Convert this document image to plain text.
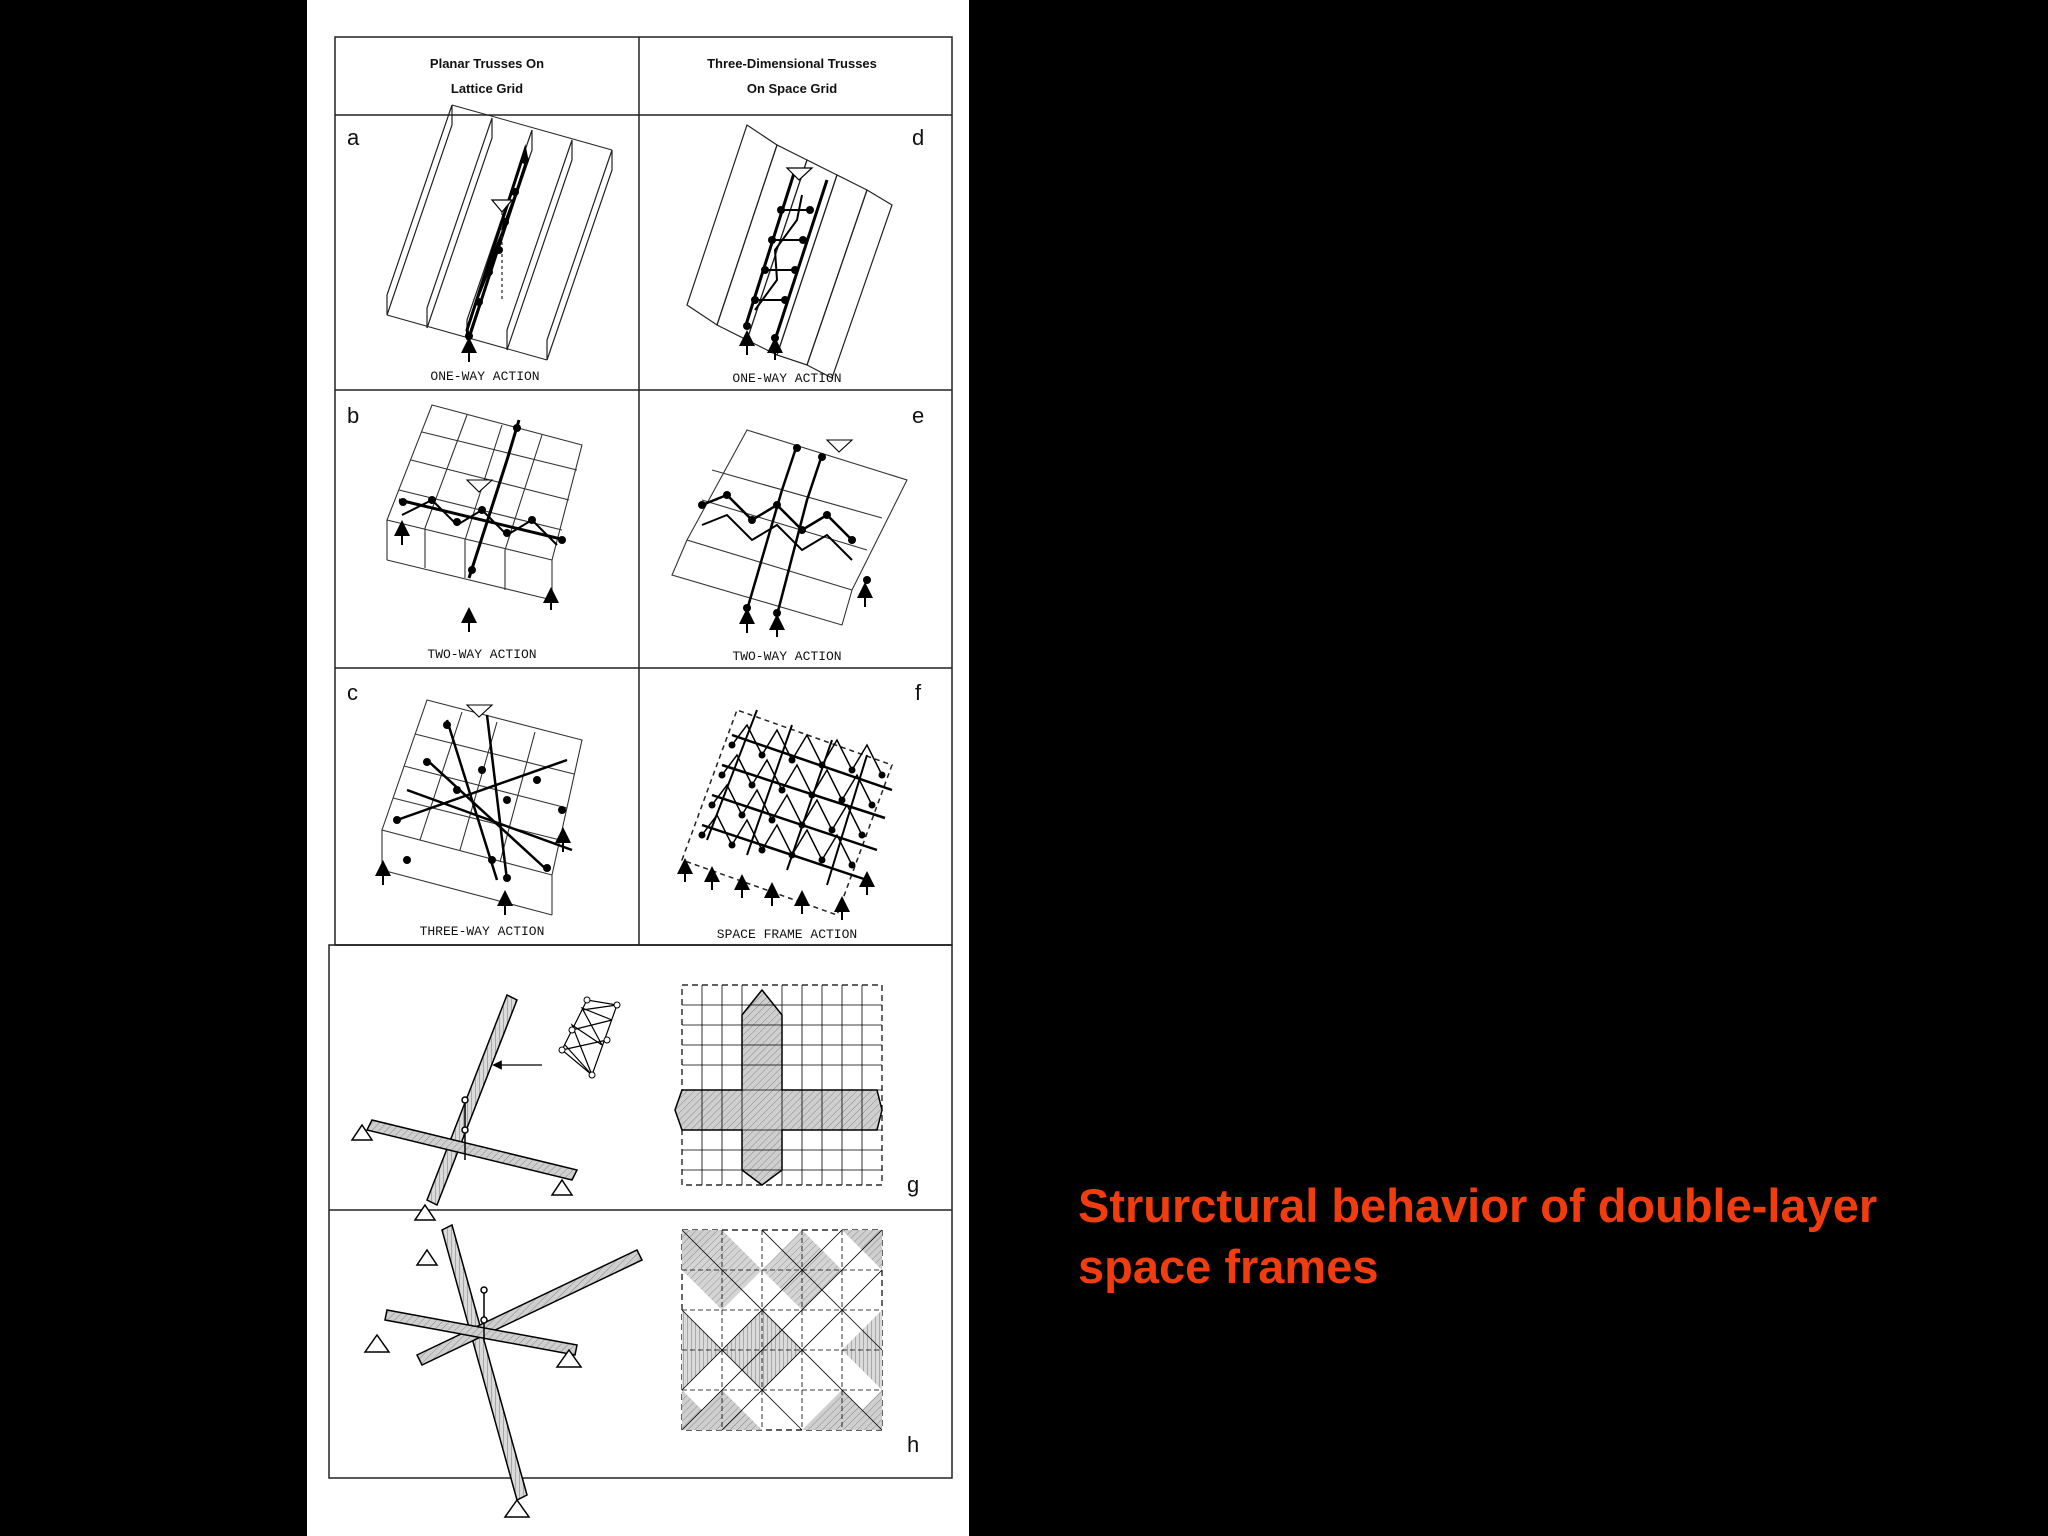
Planar Trusses On
Lattice Grid
Three-Dimensional Trusses
On Space Grid
a
ONE-WAY ACTION
d
ONE-WAY ACTION
b
TWO-WAY ACTION
e
TWO-WAY ACTION
c
THREE-WAY ACTION
f
SPACE FRAME ACTION
g
h
Strurctural behavior of double-layer space frames
